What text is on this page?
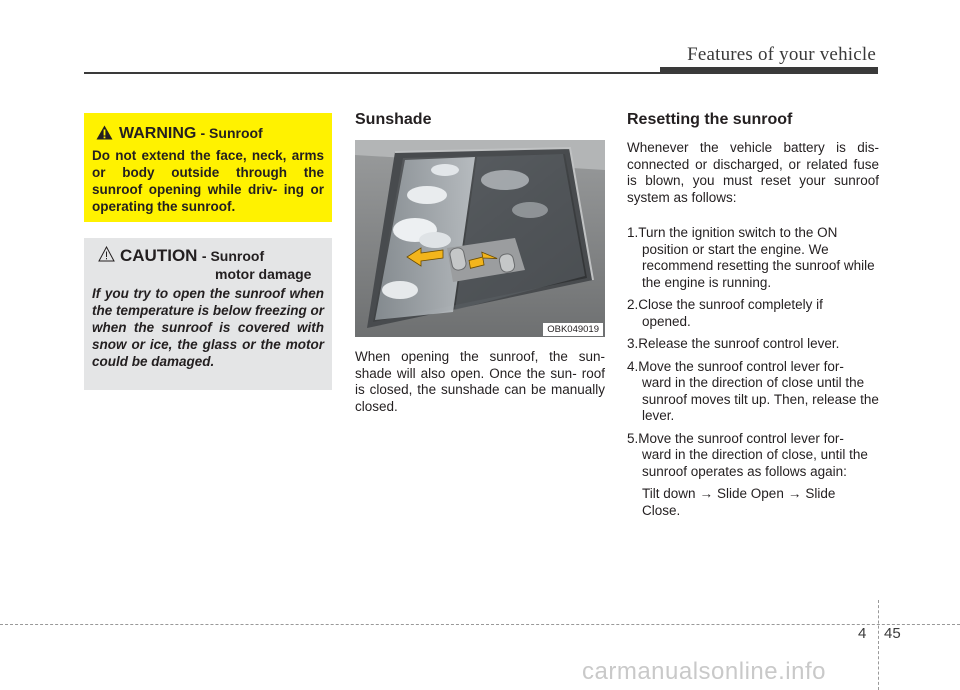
Features of your vehicle
WARNING - Sunroof
Do not extend the face, neck, arms or body outside through the sunroof opening while driv- ing or operating the sunroof.
CAUTION - Sunroof
motor damage
If you try to open the sunroof when the temperature is below freezing or when the sunroof is covered with snow or ice, the glass or the motor could be damaged.
Sunshade
OBK049019
When opening the sunroof, the sun- shade will also open. Once the sun- roof is closed, the sunshade can be manually closed.
Resetting the sunroof
Whenever the vehicle battery is dis- connected or discharged, or related fuse is blown, you must reset your sunroof system as follows:
1.Turn the ignition switch to the ON
position or start the engine. We recommend resetting the sunroof while the engine is running.
2.Close the sunroof completely if
opened.
3.Release the sunroof control lever.
4.Move the sunroof control lever for-
ward in the direction of close until the sunroof moves tilt up. Then, release the lever.
5.Move the sunroof control lever for-
ward in the direction of close, until the sunroof operates as follows again:
Tilt down → Slide Open → Slide
Close.
4 45
carmanualsonline.info
